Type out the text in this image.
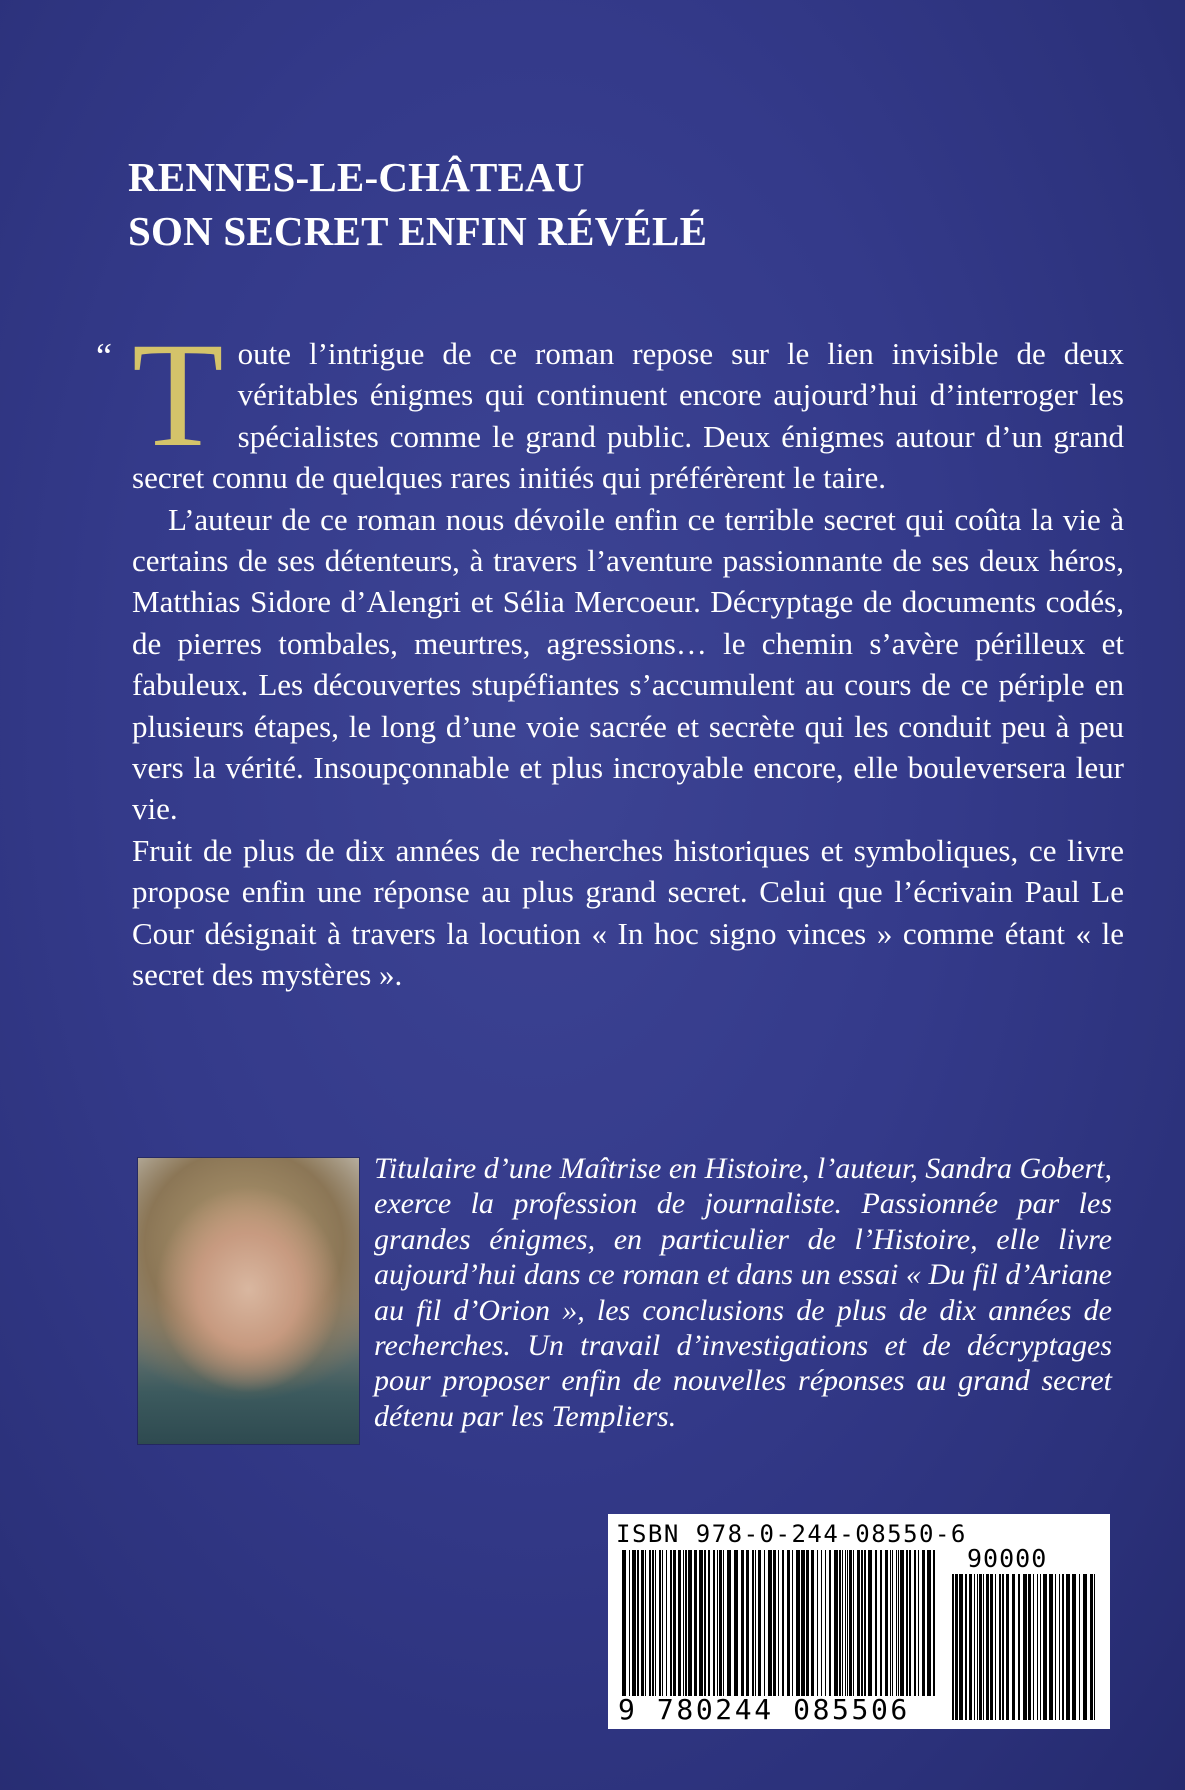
RENNES-LE-CHÂTEAU
SON SECRET ENFIN RÉVÉLÉ
“ Toute l’intrigue de ce roman repose sur le lien invisible de deux véritables énigmes qui continuent encore aujourd’hui d’interroger les spécialistes comme le grand public. Deux énigmes autour d’un grand secret connu de quelques rares initiés qui préférèrent le taire.

L’auteur de ce roman nous dévoile enfin ce terrible secret qui coûta la vie à certains de ses détenteurs, à travers l’aventure passionnante de ses deux héros, Matthias Sidore d’Alengri et Sélia Mercoeur. Décryptage de documents codés, de pierres tombales, meurtres, agressions… le chemin s’avère périlleux et fabuleux. Les découvertes stupéfiantes s’accumulent au cours de ce périple en plusieurs étapes, le long d’une voie sacrée et secrète qui les conduit peu à peu vers la vérité. Insoupçonnable et plus incroyable encore, elle bouleversera leur vie.

Fruit de plus de dix années de recherches historiques et symboliques, ce livre propose enfin une réponse au plus grand secret. Celui que l’écrivain Paul Le Cour désignait à travers la locution « In hoc signo vinces » comme étant « le secret des mystères ».

Titulaire d’une Maîtrise en Histoire, l’auteur, Sandra Gobert, exerce la profession de journaliste. Passionnée par les grandes énigmes, en particulier de l’Histoire, elle livre aujourd’hui dans ce roman et dans un essai « Du fil d’Ariane au fil d’Orion », les conclusions de plus de dix années de recherches. Un travail d’investigations et de décryptages pour proposer enfin de nouvelles réponses au grand secret détenu par les Templiers.
ISBN 978-0-244-08550-6
90000
9 780244 085506
